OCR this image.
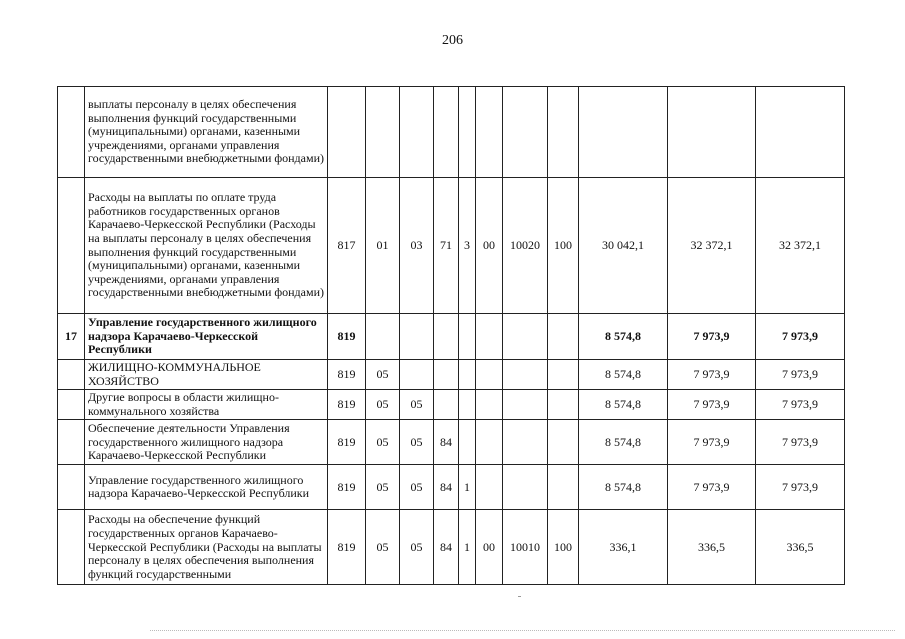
206
	выплаты персоналу в целях обеспечения выполнения функций государственными (муниципальными) органами, казенными учреждениями, органами управления государственными внебюджетными фондами)											
	Расходы на выплаты по оплате труда работников государственных органов Карачаево-Черкесской Республики (Расходы на выплаты персоналу в целях обеспечения выполнения функций государственными (муниципальными) органами, казенными учреждениями, органами управления государственными внебюджетными фондами)	817	01	03	71	3	00	10020	100	30 042,1	32 372,1	32 372,1
17	Управление государственного жилищного надзора Карачаево-Черкесской Республики	819								8 574,8	7 973,9	7 973,9
	ЖИЛИЩНО-КОММУНАЛЬНОЕ ХОЗЯЙСТВО	819	05							8 574,8	7 973,9	7 973,9
	Другие вопросы в области жилищно-коммунального хозяйства	819	05	05						8 574,8	7 973,9	7 973,9
	Обеспечение деятельности Управления государственного жилищного надзора Карачаево-Черкесской Республики	819	05	05	84					8 574,8	7 973,9	7 973,9
	Управление государственного жилищного надзора Карачаево-Черкесской Республики	819	05	05	84	1				8 574,8	7 973,9	7 973,9
	Расходы на обеспечение функций государственных органов Карачаево-Черкесской Республики (Расходы на выплаты персоналу в целях обеспечения выполнения функций государственными	819	05	05	84	1	00	10010	100	336,1	336,5	336,5
